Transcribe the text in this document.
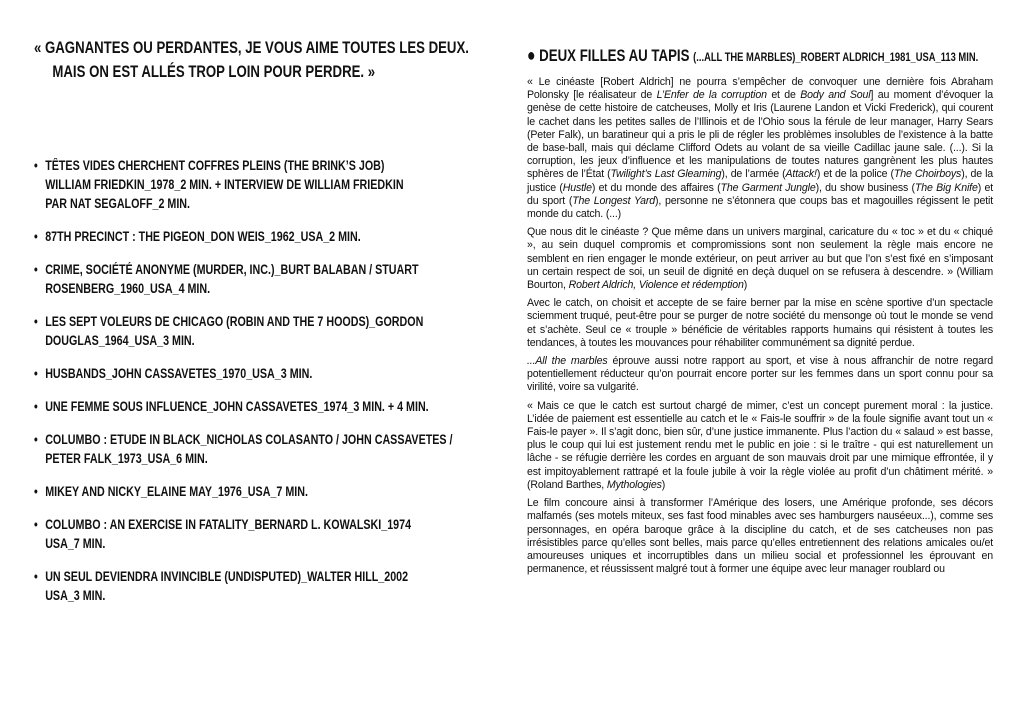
« GAGNANTES OU PERDANTES, JE VOUS AIME TOUTES LES DEUX.
MAIS ON EST ALLÉS TROP LOIN POUR PERDRE. »

• TÊTES VIDES CHERCHENT COFFRES PLEINS (THE BRINK’S JOB)
WILLIAM FRIEDKIN_1978_2 MIN. + INTERVIEW DE WILLIAM FRIEDKIN
PAR NAT SEGALOFF_2 MIN.
• 87TH PRECINCT : THE PIGEON_DON WEIS_1962_USA_2 MIN.
• CRIME, SOCIÉTÉ ANONYME (MURDER, INC.)_BURT BALABAN / STUART
ROSENBERG_1960_USA_4 MIN.
• LES SEPT VOLEURS DE CHICAGO (ROBIN AND THE 7 HOODS)_GORDON
DOUGLAS_1964_USA_3 MIN.
• HUSBANDS_JOHN CASSAVETES_1970_USA_3 MIN.
• UNE FEMME SOUS INFLUENCE_JOHN CASSAVETES_1974_3 MIN. + 4 MIN.
• COLUMBO : ETUDE IN BLACK_NICHOLAS COLASANTO / JOHN CASSAVETES /
PETER FALK_1973_USA_6 MIN.
• MIKEY AND NICKY_ELAINE MAY_1976_USA_7 MIN.
• COLUMBO : AN EXERCISE IN FATALITY_BERNARD L. KOWALSKI_1974
USA_7 MIN.
• UN SEUL DEVIENDRA INVINCIBLE (UNDISPUTED)_WALTER HILL_2002
USA_3 MIN.
● DEUX FILLES AU TAPIS (...ALL THE MARBLES)_ROBERT ALDRICH_1981_USA_113 MIN.

« Le cinéaste [Robert Aldrich] ne pourra s’empêcher de convoquer une dernière fois Abraham Polonsky [le réalisateur de L’Enfer de la corruption et de Body and Soul] au moment d’évoquer la genèse de cette histoire de catcheuses, Molly et Iris (Laurene Landon et Vicki Frederick), qui courent le cachet dans les petites salles de l’Illinois et de l’Ohio sous la férule de leur manager, Harry Sears (Peter Falk), un baratineur qui a pris le pli de régler les problèmes insolubles de l’existence à la batte de base-ball, mais qui déclame Clifford Odets au volant de sa vieille Cadillac jaune sale. (...). Si la corruption, les jeux d’influence et les manipulations de toutes natures gangrènent les plus hautes sphères de l’État (Twilight’s Last Gleaming), de l’armée (Attack!) et de la police (The Choirboys), de la justice (Hustle) et du monde des affaires (The Garment Jungle), du show business (The Big Knife) et du sport (The Longest Yard), personne ne s’étonnera que coups bas et magouilles régissent le petit monde du catch. (...)

Que nous dit le cinéaste ? Que même dans un univers marginal, caricature du « toc » et du « chiqué », au sein duquel compromis et compromissions sont non seulement la règle mais encore ne semblent en rien engager le monde extérieur, on peut arriver au but que l’on s’est fixé en s’imposant un certain respect de soi, un seuil de dignité en deçà duquel on se refusera à descendre. » (William Bourton, Robert Aldrich, Violence et rédemption)

Avec le catch, on choisit et accepte de se faire berner par la mise en scène sportive d’un spectacle sciemment truqué, peut-être pour se purger de notre société du mensonge où tout le monde se vend et s’achète. Seul ce « trouple » bénéficie de véritables rapports humains qui résistent à toutes les tendances, à toutes les mouvances pour réhabiliter communément sa dignité perdue.

...All the marbles éprouve aussi notre rapport au sport, et vise à nous affranchir de notre regard potentiellement réducteur qu’on pourrait encore porter sur les femmes dans un sport connu pour sa virilité, voire sa vulgarité.

« Mais ce que le catch est surtout chargé de mimer, c’est un concept purement moral : la justice. L’idée de paiement est essentielle au catch et le « Fais-le souffrir » de la foule signifie avant tout un « Fais-le payer ». Il s’agit donc, bien sûr, d’une justice immanente. Plus l’action du « salaud » est basse, plus le coup qui lui est justement rendu met le public en joie : si le traître - qui est naturellement un lâche - se réfugie derrière les cordes en arguant de son mauvais droit par une mimique effrontée, il y est impitoyablement rattrapé et la foule jubile à voir la règle violée au profit d’un châtiment mérité. » (Roland Barthes, Mythologies)

Le film concoure ainsi à transformer l’Amérique des losers, une Amérique profonde, ses décors malfamés (ses motels miteux, ses fast food minables avec ses hamburgers nauséeux...), comme ses personnages, en opéra baroque grâce à la discipline du catch, et de ses catcheuses non pas irrésistibles parce qu’elles sont belles, mais parce qu’elles entretiennent des relations amicales ou/et amoureuses uniques et incorruptibles dans un milieu social et professionnel les éprouvant en permanence, et réussissent malgré tout à former une équipe avec leur manager roublard ou
